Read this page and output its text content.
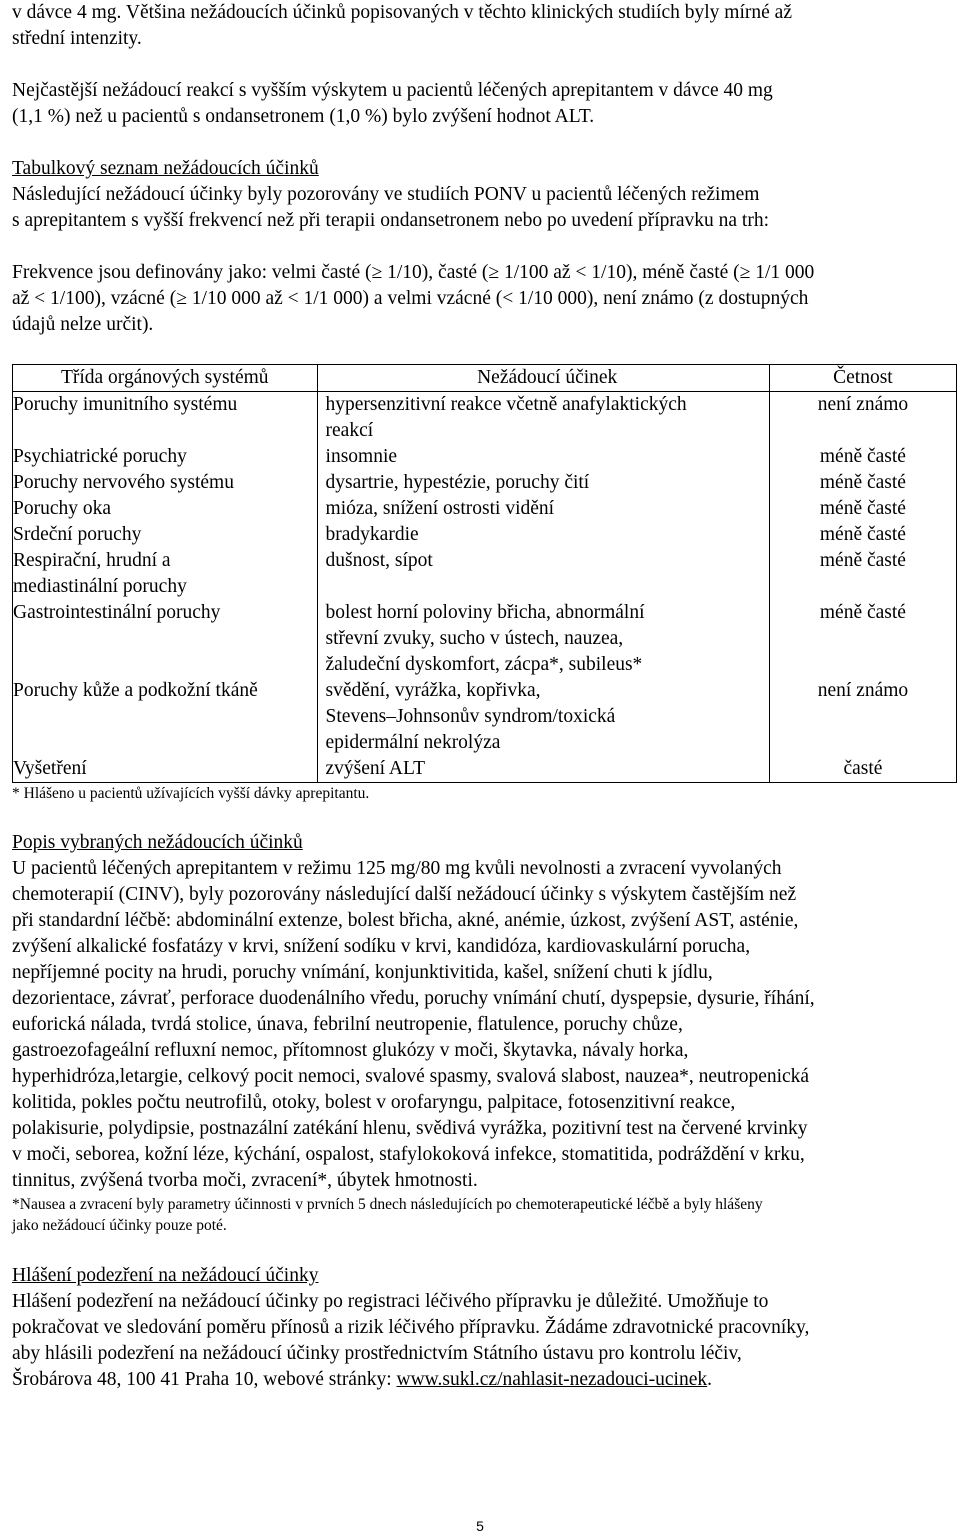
v dávce 4 mg. Většina nežádoucích účinků popisovaných v těchto klinických studiích byly mírné až

střední intenzity.

Nejčastější nežádoucí reakcí s vyšším výskytem u pacientů léčených aprepitantem v dávce 40 mg

(1,1 %) než u pacientů s ondansetronem (1,0 %) bylo zvýšení hodnot ALT.

Tabulkový seznam nežádoucích účinků

Následující nežádoucí účinky byly pozorovány ve studiích PONV u pacientů léčených režimem

s aprepitantem s vyšší frekvencí než při terapii ondansetronem nebo po uvedení přípravku na trh:

Frekvence jsou definovány jako: velmi časté (≥ 1/10), časté (≥ 1/100 až < 1/10), méně časté (≥ 1/1 000

až < 1/100), vzácné (≥ 1/10 000 až < 1/1 000) a velmi vzácné (< 1/10 000), není známo (z dostupných

údajů nelze určit).

Třída orgánových systémů	Nežádoucí účinek	Četnost

Poruchy imunitního systému	hypersenzitivní reakce včetně anafylaktických
reakcí	není známo

Psychiatrické poruchy	insomnie	méně časté

Poruchy nervového systému	dysartrie, hypestézie, poruchy čití	méně časté

Poruchy oka	mióza, snížení ostrosti vidění	méně časté

Srdeční poruchy	bradykardie	méně časté

Respirační, hrudní a
mediastinální poruchy	dušnost, sípot	méně časté

Gastrointestinální poruchy	bolest horní poloviny břicha, abnormální
střevní zvuky, sucho v ústech, nauzea,
žaludeční dyskomfort, zácpa*, subileus*	méně časté

Poruchy kůže a podkožní tkáně	svědění, vyrážka, kopřivka,
Stevens–Johnsonův syndrom/toxická
epidermální nekrolýza	není známo

Vyšetření	zvýšení ALT	časté

* Hlášeno u pacientů užívajících vyšší dávky aprepitantu.

Popis vybraných nežádoucích účinků

U pacientů léčených aprepitantem v režimu 125 mg/80 mg kvůli nevolnosti a zvracení vyvolaných

chemoterapií (CINV), byly pozorovány následující další nežádoucí účinky s výskytem častějším než

při standardní léčbě: abdominální extenze, bolest břicha, akné, anémie, úzkost, zvýšení AST, asténie,

zvýšení alkalické fosfatázy v krvi, snížení sodíku v krvi, kandidóza, kardiovaskulární porucha,

nepříjemné pocity na hrudi, poruchy vnímání, konjunktivitida, kašel, snížení chuti k jídlu,

dezorientace, závrať, perforace duodenálního vředu, poruchy vnímání chutí, dyspepsie, dysurie, říhání,

euforická nálada, tvrdá stolice, únava, febrilní neutropenie, flatulence, poruchy chůze,

gastroezofageální refluxní nemoc, přítomnost glukózy v moči, škytavka, návaly horka,

hyperhidróza,letargie, celkový pocit nemoci, svalové spasmy, svalová slabost, nauzea*, neutropenická

kolitida, pokles počtu neutrofilů, otoky, bolest v orofaryngu, palpitace, fotosenzitivní reakce,

polakisurie, polydipsie, postnazální zatékání hlenu, svědivá vyrážka, pozitivní test na červené krvinky

v moči, seborea, kožní léze, kýchání, ospalost, stafylokoková infekce, stomatitida, podráždění v krku,

tinnitus, zvýšená tvorba moči, zvracení*, úbytek hmotnosti.

*Nausea a zvracení byly parametry účinnosti v prvních 5 dnech následujících po chemoterapeutické léčbě a byly hlášeny

jako nežádoucí účinky pouze poté.

Hlášení podezření na nežádoucí účinky

Hlášení podezření na nežádoucí účinky po registraci léčivého přípravku je důležité. Umožňuje to

pokračovat ve sledování poměru přínosů a rizik léčivého přípravku. Žádáme zdravotnické pracovníky,

aby hlásili podezření na nežádoucí účinky prostřednictvím Státního ústavu pro kontrolu léčiv,

Šrobárova 48, 100 41 Praha 10, webové stránky: www.sukl.cz/nahlasit-nezadouci-ucinek.

5
